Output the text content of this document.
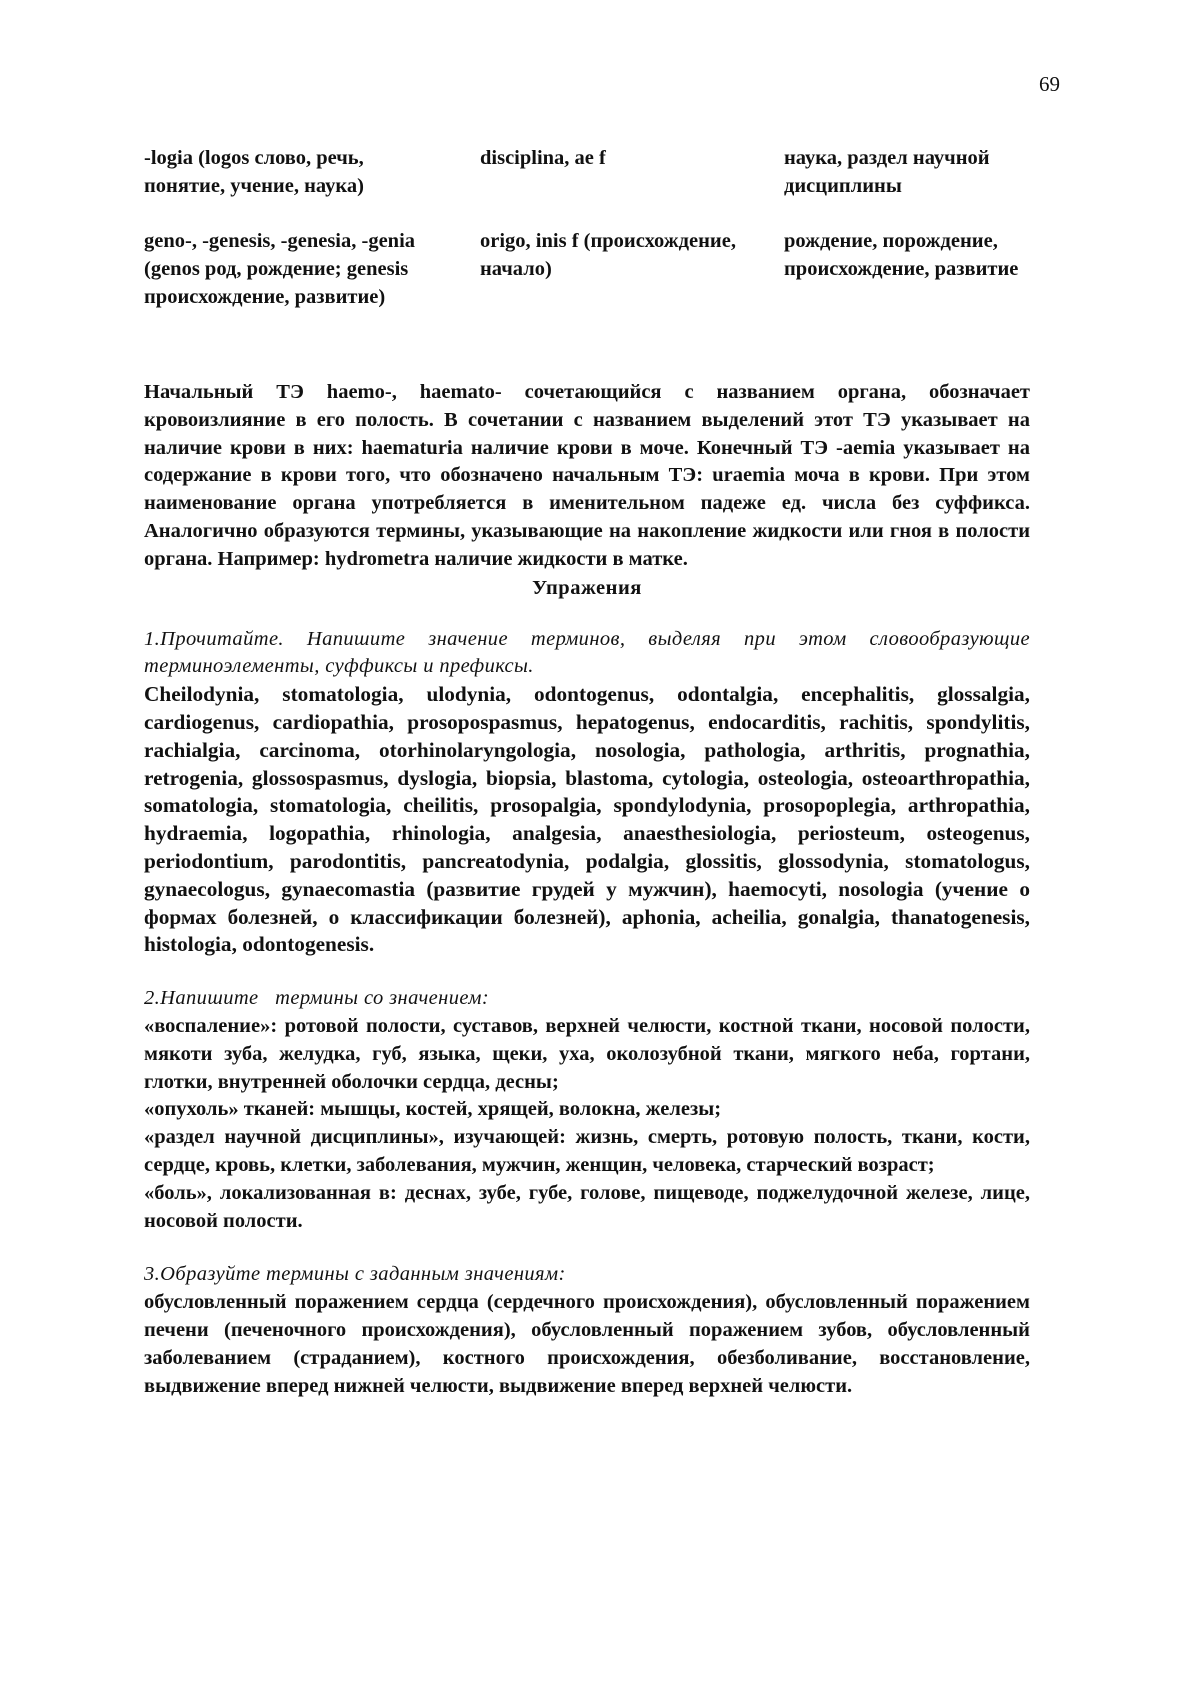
69
-logia (logos слово, речь, понятие, учение, наука)
disciplina, ae f	наука, раздел научной дисциплины
geno-, -genesis, -genesia, -genia (genos род, рождение; genesis происхождение, развитие)
origo, inis f (происхождение, начало)
рождение, порождение, происхождение, развитие

Начальный ТЭ haemo-, haemato- сочетающийся с названием органа, обозначает кровоизлияние в его полость. В сочетании с названием выделений этот ТЭ указывает на наличие крови в них: haematuria наличие крови в моче. Конечный ТЭ -aemia указывает на содержание в крови того, что обозначено начальным ТЭ: uraemia моча в крови. При этом наименование органа употребляется в именительном падеже ед. числа без суффикса. Аналогично образуются термины, указывающие на накопление жидкости или гноя в полости органа. Например: hydrometra наличие жидкости в матке.

Упражения

1.Прочитайте. Напишите значение терминов, выделяя при этом словообразующие терминоэлементы, суффиксы и префиксы.

Cheilodynia, stomatologia, ulodynia, odontogenus, odontalgia, encephalitis, glossalgia, cardiogenus, cardiopathia, prosopospasmus, hepatogenus, endocarditis, rachitis, spondylitis, rachialgia, carcinoma, otorhinolaryngologia, nosologia, pathologia, arthritis, prognathia, retrogenia, glossospasmus, dyslogia, biopsia, blastoma, cytologia, osteologia, osteoarthropathia, somatologia, stomatologia, cheilitis, prosopalgia, spondylodynia, prosopoplegia, arthropathia, hydraemia, logopathia, rhinologia, analgesia, anaesthesiologia, periosteum, osteogenus, periodontium, parodontitis, pancreatodynia, podalgia, glossitis, glossodynia, stomatologus, gynaecologus, gynaecomastia (развитие грудей у мужчин), haemocyti, nosologia (учение о формах болезней, о классификации болезней), aphonia, acheilia, gonalgia, thanatogenesis, histologia, odontogenesis.

2.Напишите   термины со значением:

«воспаление»: ротовой полости, суставов, верхней челюсти, костной ткани, носовой полости, мякоти зуба, желудка, губ, языка, щеки, уха, околозубной ткани, мягкого неба, гортани, глотки, внутренней оболочки сердца, десны;

«опухоль» тканей: мышцы, костей, хрящей, волокна, железы;

«раздел научной дисциплины», изучающей: жизнь, смерть, ротовую полость, ткани, кости, сердце, кровь, клетки, заболевания, мужчин, женщин, человека, старческий возраст;

«боль», локализованная в: деснах, зубе, губе, голове, пищеводе, поджелудочной железе, лице, носовой полости.

3.Образуйте термины с заданным значениям:

обусловленный поражением сердца (сердечного происхождения), обусловленный поражением печени (печеночного происхождения), обусловленный поражением зубов, обусловленный заболеванием (страданием), костного происхождения, обезболивание, восстановление, выдвижение вперед нижней челюсти, выдвижение вперед верхней челюсти.
